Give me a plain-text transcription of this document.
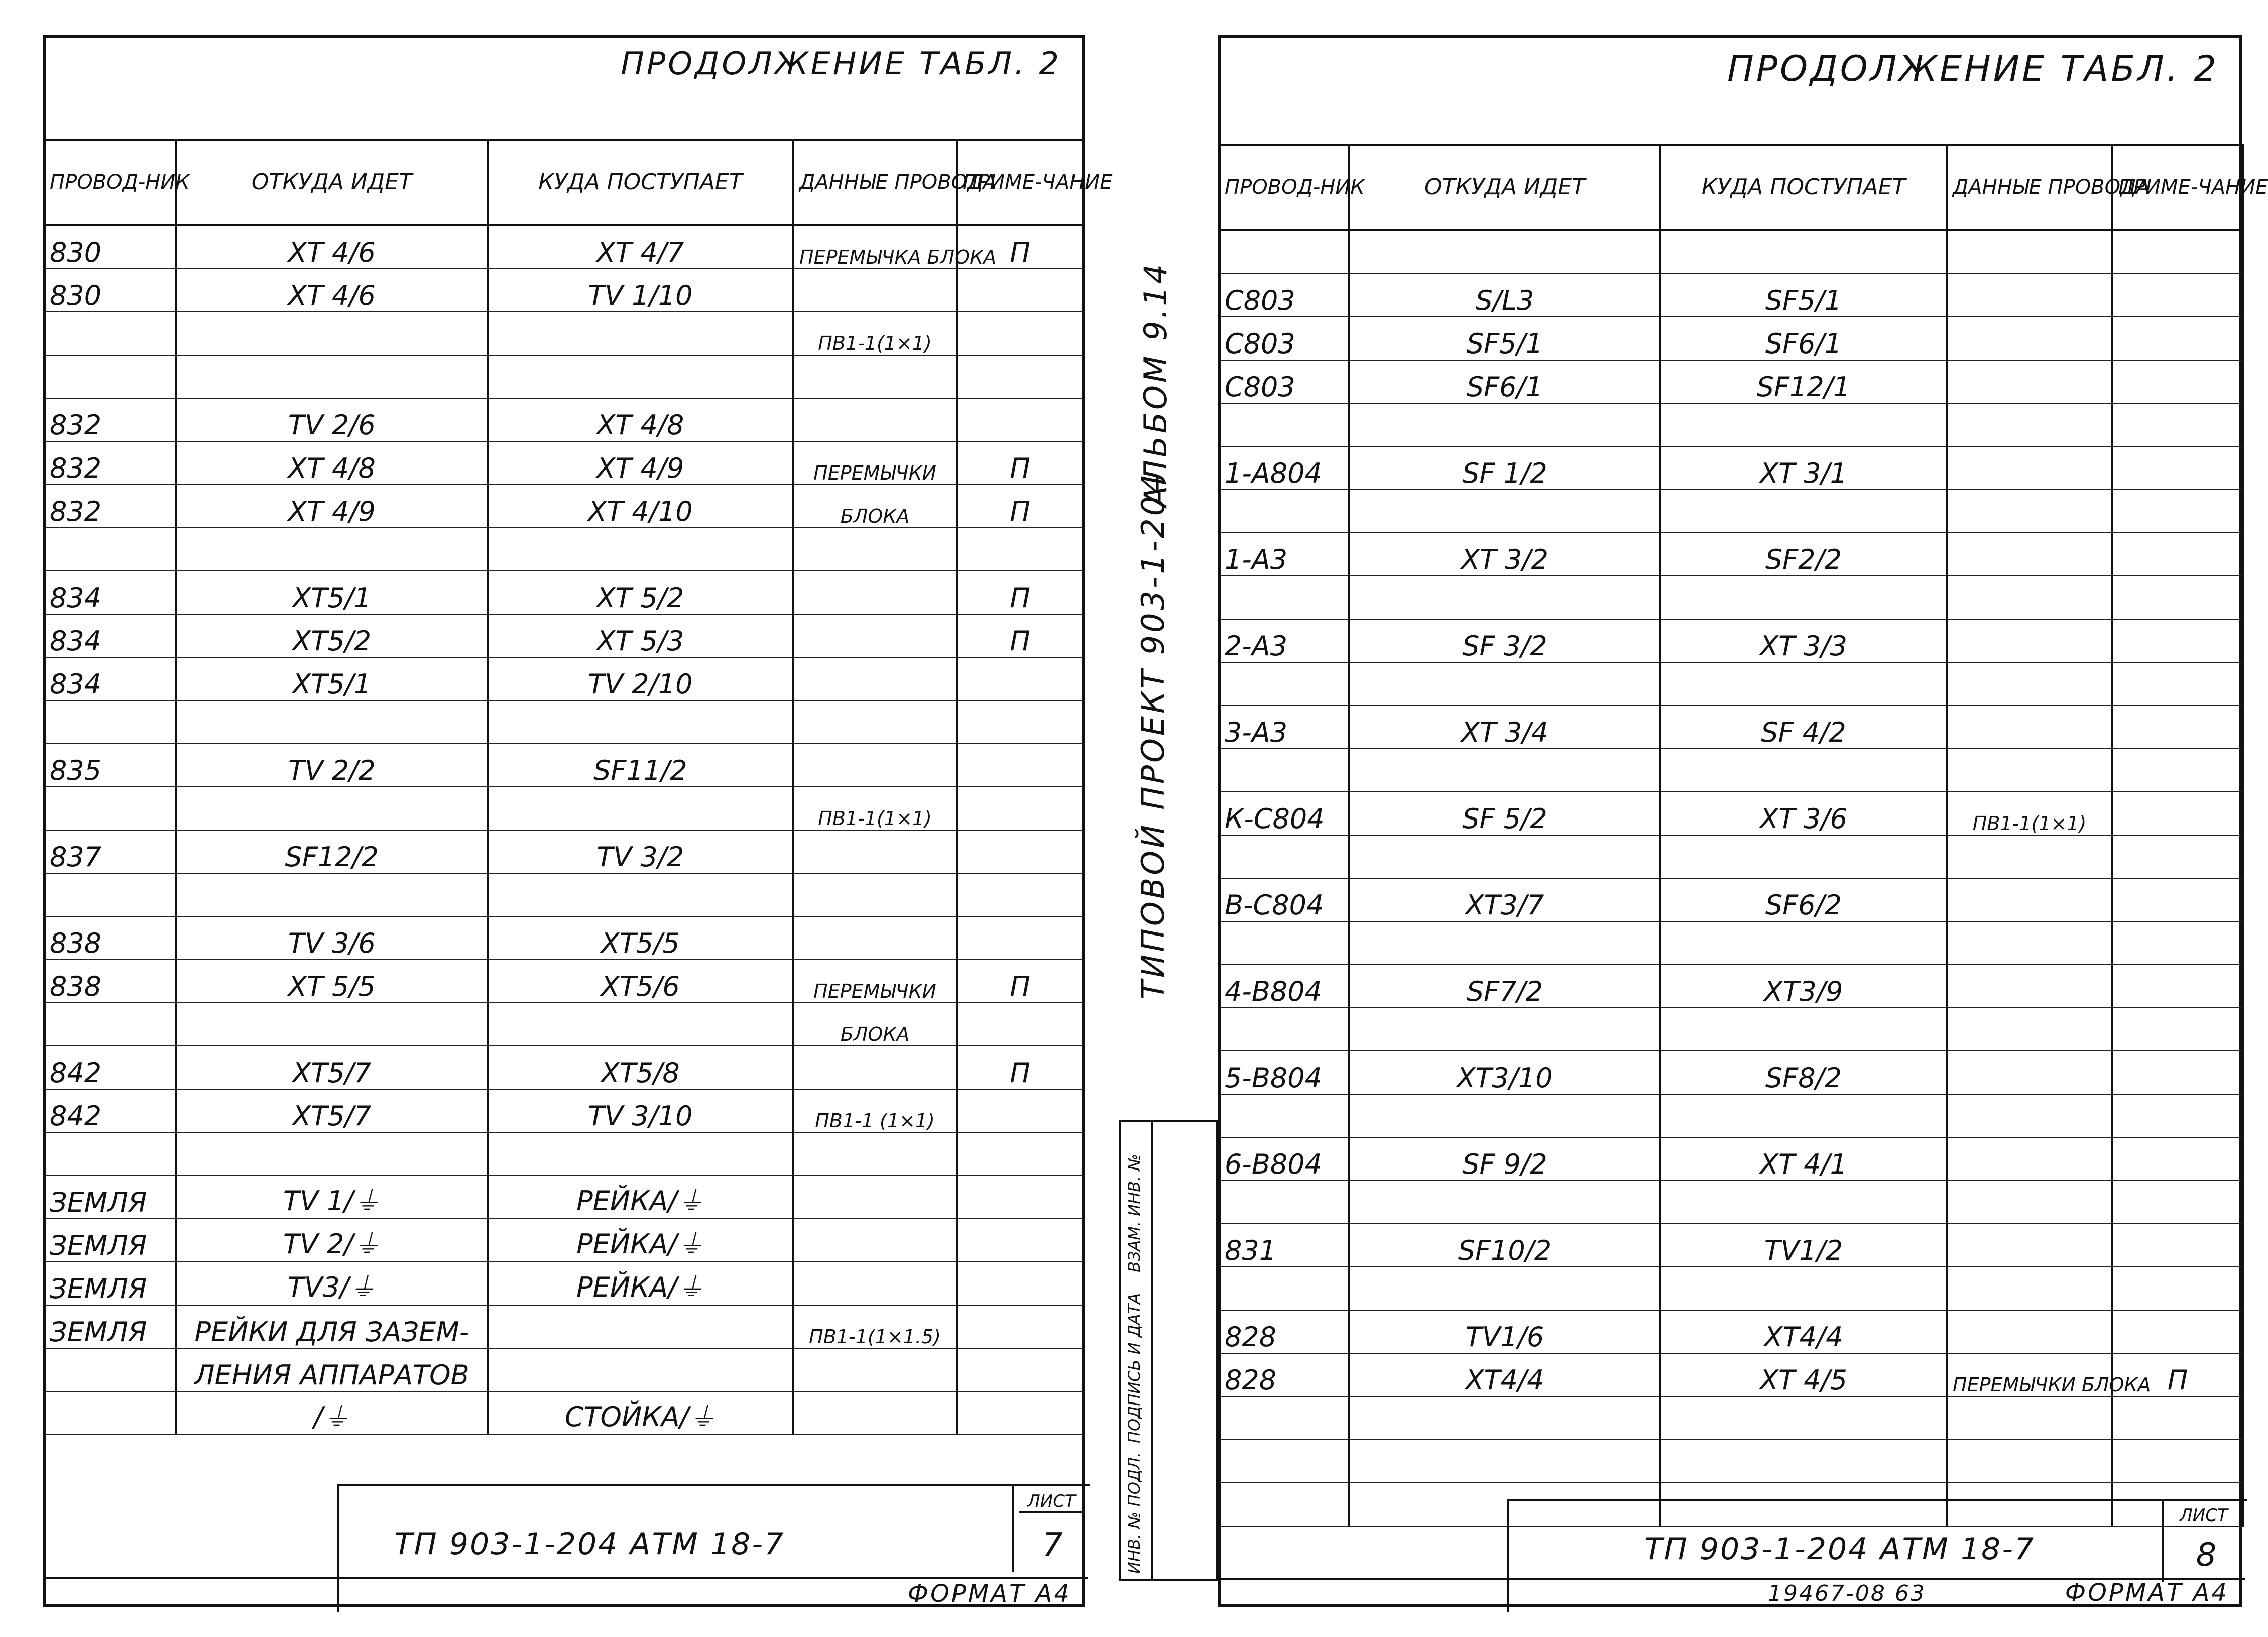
ПРОДОЛЖЕНИЕ ТАБЛ. 2
ПРОВОД-НИК	ОТКУДА ИДЕТ	КУДА ПОСТУПАЕТ	ДАННЫЕ ПРОВОДА	ПРИМЕ-ЧАНИЕ
830	XT 4/6	XT 4/7	ПЕРЕМЫЧКА БЛОКА	П
830	XT 4/6	TV 1/10		
			ПВ1-1(1×1)	

832	TV 2/6	XT 4/8		
832	XT 4/8	XT 4/9	ПЕРЕМЫЧКИ	П
832	XT 4/9	XT 4/10	БЛОКА	П

834	XT5/1	XT 5/2		П
834	XT5/2	XT 5/3		П
834	XT5/1	TV 2/10		

835	TV 2/2	SF11/2		
			ПВ1-1(1×1)	
837	SF12/2	TV 3/2		

838	TV 3/6	XT5/5		
838	XT 5/5	XT5/6	ПЕРЕМЫЧКИ	П
			БЛОКА	
842	XT5/7	XT5/8		П
842	XT5/7	TV 3/10	ПВ1-1 (1×1)	

ЗЕМЛЯ	TV 1/⏚	РЕЙКА/⏚		
ЗЕМЛЯ	TV 2/⏚	РЕЙКА/⏚		
ЗЕМЛЯ	TV3/⏚	РЕЙКА/⏚		
ЗЕМЛЯ	РЕЙКИ ДЛЯ ЗАЗЕМ-		ПВ1-1(1×1.5)	
	ЛЕНИЯ АППАРАТОВ			
	/⏚	СТОЙКА/⏚		
ТП 903-1-204 АТМ 18-7
ЛИСТ
7
ФОРМАТ А4
ТИПОВОЙ ПРОЕКТ 903-1-204
АЛЬБОМ 9.14
ИНВ. № ПОДЛ.
ПОДПИСЬ И ДАТА
ВЗАМ. ИНВ. №
ПРОДОЛЖЕНИЕ ТАБЛ. 2
ПРОВОД-НИК	ОТКУДА ИДЕТ	КУДА ПОСТУПАЕТ	ДАННЫЕ ПРОВОДА	ПРИМЕ-ЧАНИЕ

С803	S/L3	SF5/1		
С803	SF5/1	SF6/1		
С803	SF6/1	SF12/1		

1-А804	SF 1/2	XT 3/1		

1-А3	XT 3/2	SF2/2		

2-А3	SF 3/2	XT 3/3		

3-А3	XT 3/4	SF 4/2		

К-С804	SF 5/2	XT 3/6	ПВ1-1(1×1)	

В-С804	XT3/7	SF6/2		

4-В804	SF7/2	XT3/9		

5-В804	XT3/10	SF8/2		

6-В804	SF 9/2	XT 4/1		

831	SF10/2	TV1/2		

828	TV1/6	XT4/4		
828	XT4/4	XT 4/5	ПЕРЕМЫЧКИ БЛОКА	П

ТП 903-1-204 АТМ 18-7
ЛИСТ
8
19467-08 63	ФОРМАТ А4
